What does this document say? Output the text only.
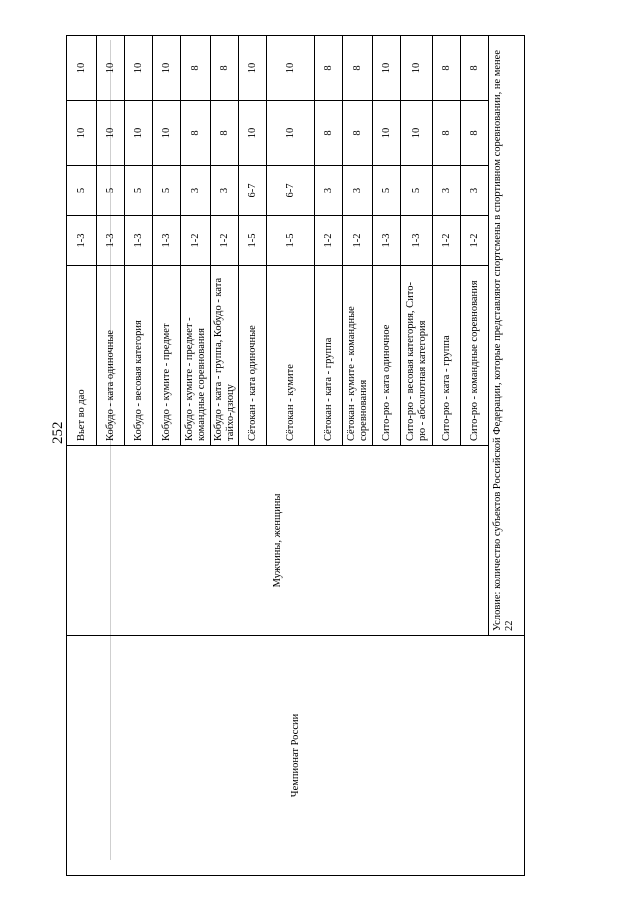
252
Чемпионат России	Мужчины, женщины	Вьет во дао	1-3	5	10	10
		Кобудо - ката одиночные	1-3	5	10	10
		Кобудо - весовая категория	1-3	5	10	10
		Кобудо - кумите - предмет	1-3	5	10	10
		Кобудо - кумите - предмет - командные соревнования	1-2	3	8	8
		Кобудо - ката - группа, Кобудо - ката тайхо-дзюцу	1-2	3	8	8
		Сётокан - ката одиночные	1-5	6-7	10	10
		Сётокан - кумите	1-5	6-7	10	10
		Сётокан - ката - группа	1-2	3	8	8
		Сётокан - кумите - командные соревнования	1-2	3	8	8
		Сито-рю - ката одиночное	1-3	5	10	10
		Сито-рю - весовая категория, Сито-рю - абсолютная категория	1-3	5	10	10
		Сито-рю - ката - группа	1-2	3	8	8
		Сито-рю - командные соревнования	1-2	3	8	8
	Условие: количество субъектов Российской Федерации, которые представляют спортсмены в спортивном соревновании, не менее 22					
